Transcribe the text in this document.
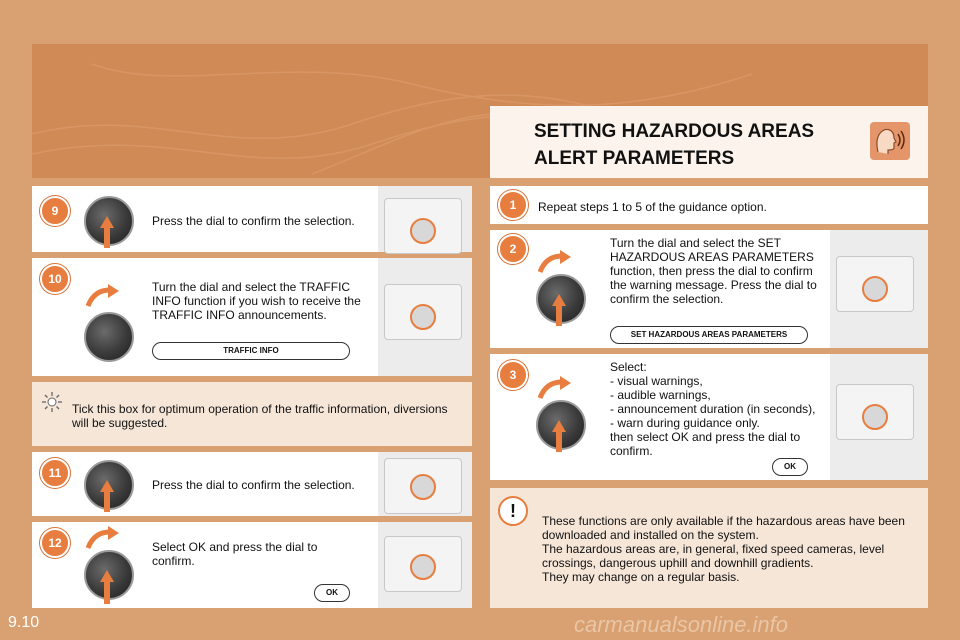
SETTING HAZARDOUS AREAS
ALERT PARAMETERS
9
Press the dial to confirm the selection.
10
Turn the dial and select the TRAFFIC INFO function if you wish to receive the TRAFFIC INFO announcements.
TRAFFIC INFO
Tick this box for optimum operation of the traffic information, diversions will be suggested.
11
Press the dial to confirm the selection.
12	Select OK and press the dial to confirm.
OK
1	Repeat steps 1 to 5 of the guidance option.
2	Turn the dial and select the SET HAZARDOUS AREAS PARAMETERS function, then press the dial to confirm the warning message. Press the dial to confirm the selection.
SET HAZARDOUS AREAS PARAMETERS
3
Select:
- visual warnings,
- audible warnings,
- announcement duration (in seconds),
- warn during guidance only.
then select OK and press the dial to confirm.
OK
These functions are only available if the hazardous areas have been downloaded and installed on the system.
The hazardous areas are, in general, fixed speed cameras, level crossings, dangerous uphill and downhill gradients.
They may change on a regular basis.
!
9.10	carmanualsonline.info
